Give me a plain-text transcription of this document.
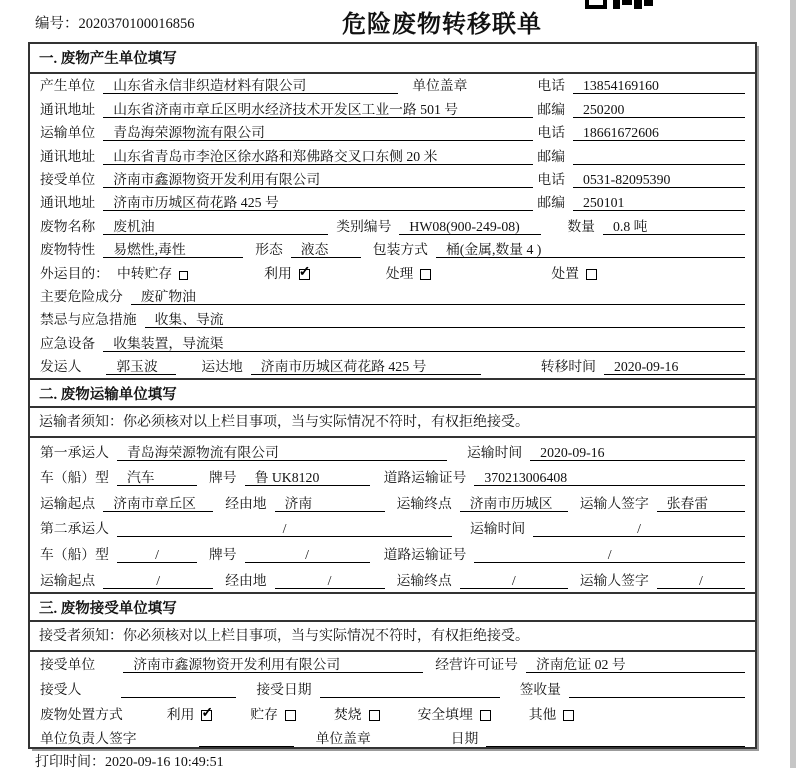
编号：2020370100016856	危险废物转移联单
一. 废物产生单位填写
产生单位	山东省永信非织造材料有限公司	单位盖章	电话	13854169160
通讯地址	山东省济南市章丘区明水经济技术开发区工业一路 501 号	邮编	250200
运输单位	青岛海荣源物流有限公司	电话	18661672606
通讯地址	山东省青岛市李沧区徐水路和郑佛路交叉口东侧 20 米	邮编
接受单位	济南市鑫源物资开发利用有限公司	电话	0531-82095390
通讯地址	济南市历城区荷花路 425 号	邮编	250101
废物名称	废机油	类别编号	HW08(900-249-08)	数量	0.8 吨
废物特性	易燃性,毒性	形态	液态	包装方式	桶(金属,数量 4 )
外运目的： 中转贮存	利用 ✓	处理	处置
主要危险成分	废矿物油
禁忌与应急措施	收集、导流
应急设备	收集装置，导流渠
发运人	郭玉波	运达地	济南市历城区荷花路 425 号	转移时间	2020-09-16
二. 废物运输单位填写
运输者须知：你必须核对以上栏目事项，当与实际情况不符时，有权拒绝接受。
第一承运人	青岛海荣源物流有限公司	运输时间	2020-09-16
车（船）型	汽车	牌号	鲁 UK8120	道路运输证号	370213006408
运输起点	济南市章丘区	经由地	济南	运输终点	济南市历城区	运输人签字	张春雷
第二承运人	/	运输时间	/
车（船）型	/	牌号	/	道路运输证号	/
运输起点	/	经由地	/	运输终点	/	运输人签字	/
三. 废物接受单位填写
接受者须知：你必须核对以上栏目事项，当与实际情况不符时，有权拒绝接受。
接受单位	济南市鑫源物资开发利用有限公司	经营许可证号	济南危证 02 号
接受人	接受日期	签收量
废物处置方式	利用 ✓	贮存	焚烧	安全填埋	其他
单位负责人签字	单位盖章	日期
打印时间：2020-09-16 10:49:51
